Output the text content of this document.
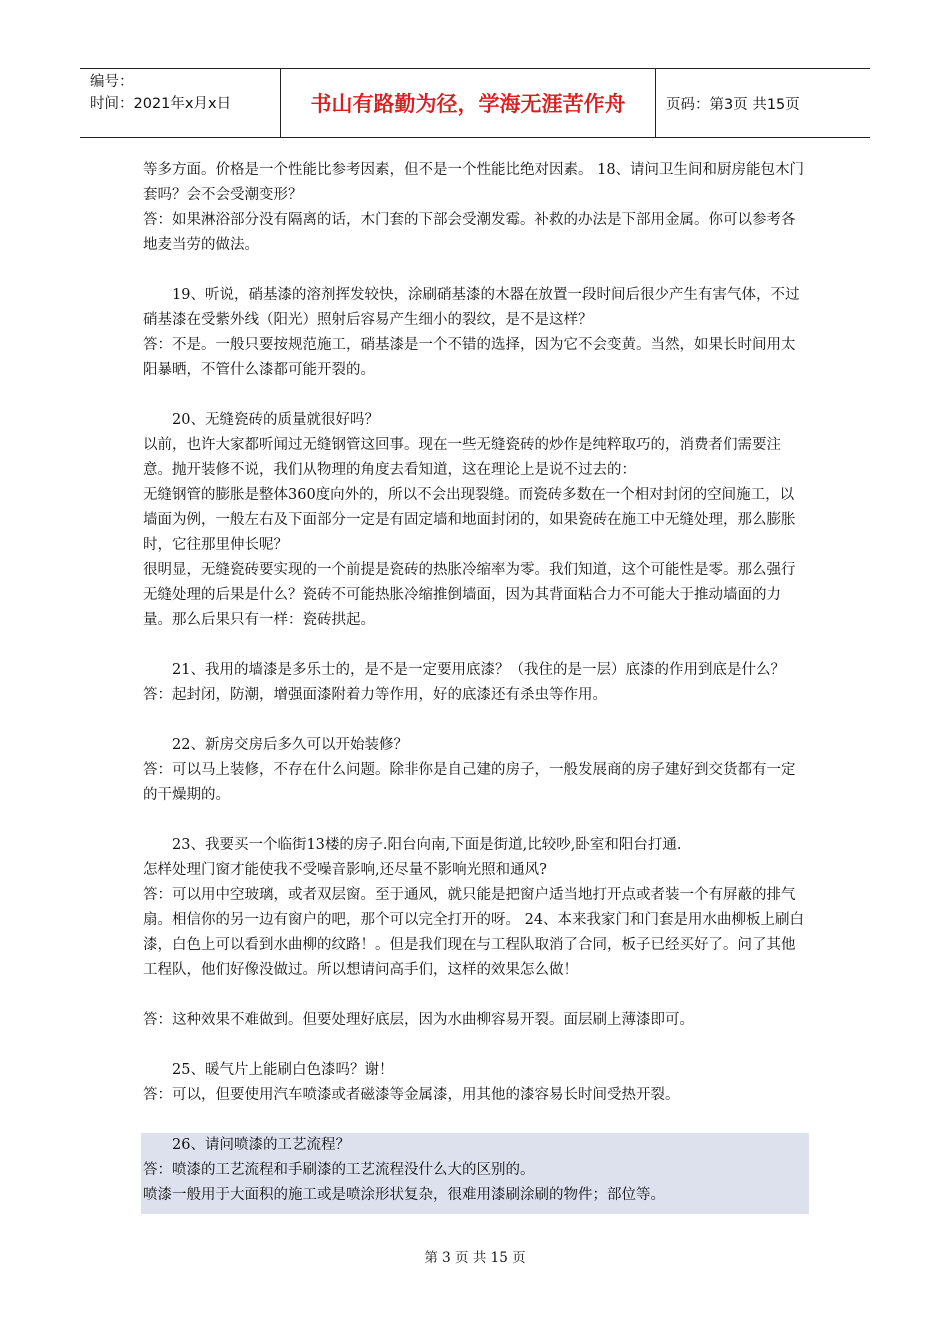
编号：
时间：2021年x月x日	书山有路勤为径，学海无涯苦作舟	页码：第3页 共15页

等多方面。价格是一个性能比参考因素，但不是一个性能比绝对因素。 18、请问卫生间和厨房能包木门套吗？会不会受潮变形？

答：如果淋浴部分没有隔离的话，木门套的下部会受潮发霉。补救的办法是下部用金属。你可以参考各地麦当劳的做法。

19、听说，硝基漆的溶剂挥发较快，涂刷硝基漆的木器在放置一段时间后很少产生有害气体，不过硝基漆在受紫外线（阳光）照射后容易产生细小的裂纹，是不是这样？

答：不是。一般只要按规范施工，硝基漆是一个不错的选择，因为它不会变黄。当然，如果长时间用太阳暴晒，不管什么漆都可能开裂的。

20、无缝瓷砖的质量就很好吗？

以前，也许大家都听闻过无缝钢管这回事。现在一些无缝瓷砖的炒作是纯粹取巧的，消费者们需要注意。抛开装修不说，我们从物理的角度去看知道，这在理论上是说不过去的：

无缝钢管的膨胀是整体360度向外的，所以不会出现裂缝。而瓷砖多数在一个相对封闭的空间施工，以墙面为例，一般左右及下面部分一定是有固定墙和地面封闭的，如果瓷砖在施工中无缝处理，那么膨胀时，它往那里伸长呢？

很明显，无缝瓷砖要实现的一个前提是瓷砖的热胀冷缩率为零。我们知道，这个可能性是零。那么强行无缝处理的后果是什么？瓷砖不可能热胀冷缩推倒墙面，因为其背面粘合力不可能大于推动墙面的力量。那么后果只有一样：瓷砖拱起。

21、我用的墙漆是多乐士的，是不是一定要用底漆？（我住的是一层）底漆的作用到底是什么？

答：起封闭，防潮，增强面漆附着力等作用，好的底漆还有杀虫等作用。

22、新房交房后多久可以开始装修？

答：可以马上装修，不存在什么问题。除非你是自己建的房子，一般发展商的房子建好到交货都有一定的干燥期的。

23、我要买一个临街13楼的房子.阳台向南,下面是街道,比较吵,卧室和阳台打通.

怎样处理门窗才能使我不受噪音影响,还尽量不影响光照和通风?

答：可以用中空玻璃，或者双层窗。至于通风，就只能是把窗户适当地打开点或者装一个有屏蔽的排气扇。相信你的另一边有窗户的吧，那个可以完全打开的呀。 24、本来我家门和门套是用水曲柳板上刷白漆，白色上可以看到水曲柳的纹路！。但是我们现在与工程队取消了合同，板子已经买好了。问了其他工程队，他们好像没做过。所以想请问高手们，这样的效果怎么做！

答：这种效果不难做到。但要处理好底层，因为水曲柳容易开裂。面层刷上薄漆即可。

25、暖气片上能刷白色漆吗？谢！

答：可以，但要使用汽车喷漆或者磁漆等金属漆，用其他的漆容易长时间受热开裂。

26、请问喷漆的工艺流程？

答：喷漆的工艺流程和手刷漆的工艺流程没什么大的区别的。

喷漆一般用于大面积的施工或是喷涂形状复杂，很难用漆刷涂刷的物件；部位等。

第 3 页 共 15 页
